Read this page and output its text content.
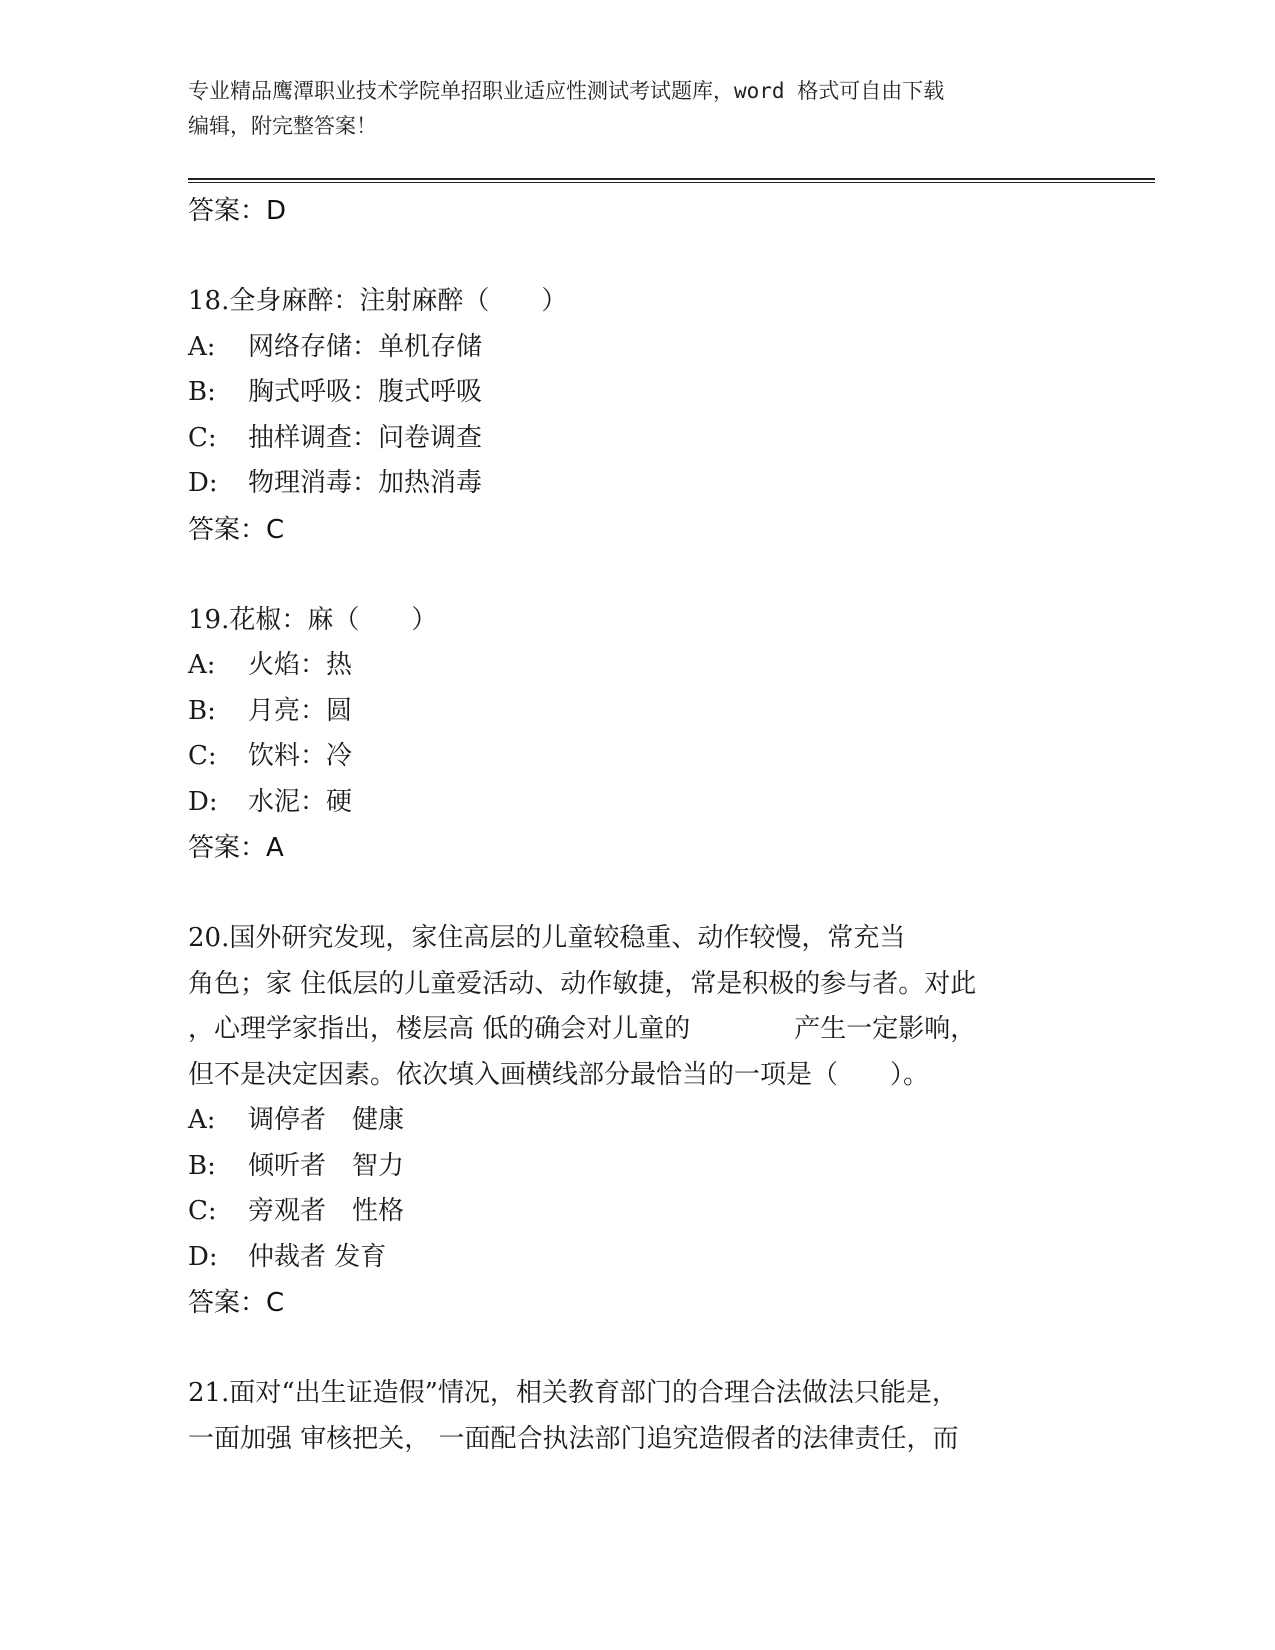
专业精品鹰潭职业技术学院单招职业适应性测试考试题库，word 格式可自由下载
编辑，附完整答案！
答案：D
18.全身麻醉：注射麻醉（　　）
A: 网络存储：单机存储
B: 胸式呼吸：腹式呼吸
C: 抽样调查：问卷调查
D: 物理消毒：加热消毒
答案：C
19.花椒：麻（　　）
A: 火焰：热
B: 月亮：圆
C: 饮料：冷
D: 水泥：硬
答案：A
20.国外研究发现，家住高层的儿童较稳重、动作较慢，常充当
角色；家 住低层的儿童爱活动、动作敏捷，常是积极的参与者。对此
，心理学家指出，楼层高 低的确会对儿童的　　　　产生一定影响，
但不是决定因素。依次填入画横线部分最恰当的一项是（　　）。
A: 调停者　健康
B: 倾听者　智力
C: 旁观者　性格
D: 仲裁者 发育
答案：C
21.面对“出生证造假”情况，相关教育部门的合理合法做法只能是，
一面加强 审核把关， 一面配合执法部门追究造假者的法律责任，而
